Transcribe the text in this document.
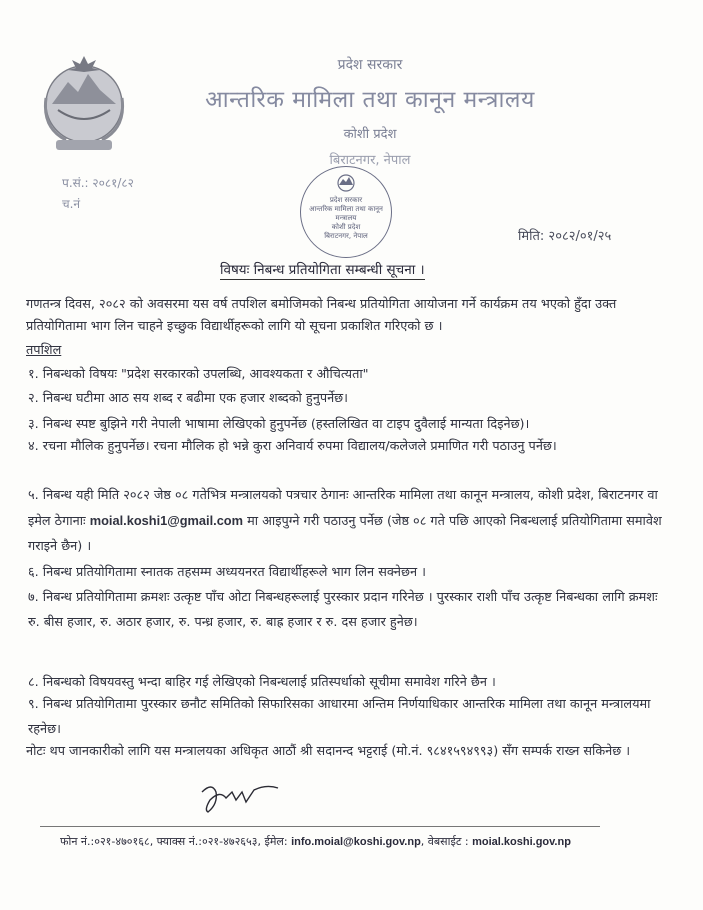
प्रदेश सरकार
आन्तरिक मामिला तथा कानून मन्त्रालय
कोशी प्रदेश
बिराटनगर, नेपाल
प.सं.: २०८१/८२
च.नं	प्रदेश सरकार
आन्तरिक मामिला तथा कानून मन्त्रालय
कोशी प्रदेश
बिराटनगर, नेपाल	मिति: २०८२/०१/२५
विषयः निबन्ध प्रतियोगिता सम्बन्धी सूचना ।
गणतन्त्र दिवस, २०८२ को अवसरमा यस वर्ष तपशिल बमोजिमको निबन्ध प्रतियोगिता आयोजना गर्ने कार्यक्रम तय भएको हुँदा उक्त प्रतियोगितामा भाग लिन चाहने इच्छुक विद्यार्थीहरूको लागि यो सूचना प्रकाशित गरिएको छ ।
तपशिल
१. निबन्धको विषयः "प्रदेश सरकारको उपलब्धि, आवश्यकता र औचित्यता"
२. निबन्ध घटीमा आठ सय शब्द र बढीमा एक हजार शब्दको हुनुपर्नेछ।
३. निबन्ध स्पष्ट बुझिने गरी नेपाली भाषामा लेखिएको हुनुपर्नेछ (हस्तलिखित वा टाइप दुवैलाई मान्यता दिइनेछ)।
४. रचना मौलिक हुनुपर्नेछ। रचना मौलिक हो भन्ने कुरा अनिवार्य रुपमा विद्यालय/कलेजले प्रमाणित गरी पठाउनु पर्नेछ।
५. निबन्ध यही मिति २०८२ जेष्ठ ०८ गतेभित्र मन्त्रालयको पत्रचार ठेगानः आन्तरिक मामिला तथा कानून मन्त्रालय, कोशी प्रदेश, बिराटनगर वा इमेल ठेगानाः moial.koshi1@gmail.com मा आइपुग्ने गरी पठाउनु पर्नेछ (जेष्ठ ०८ गते पछि आएको निबन्धलाई प्रतियोगितामा समावेश गराइने छैन) ।
६. निबन्ध प्रतियोगितामा स्नातक तहसम्म अध्ययनरत विद्यार्थीहरूले भाग लिन सक्नेछन ।
७. निबन्ध प्रतियोगितामा क्रमशः उत्कृष्ट पाँच ओटा निबन्धहरूलाई पुरस्कार प्रदान गरिनेछ । पुरस्कार राशी पाँच उत्कृष्ट निबन्धका लागि क्रमशः रु. बीस हजार, रु. अठार हजार, रु. पन्ध्र हजार, रु. बाह्र हजार र रु. दस हजार हुनेछ।
८. निबन्धको विषयवस्तु भन्दा बाहिर गई लेखिएको निबन्धलाई प्रतिस्पर्धाको सूचीमा समावेश गरिने छैन ।
९. निबन्ध प्रतियोगितामा पुरस्कार छनौट समितिको सिफारिसका आधारमा अन्तिम निर्णयाधिकार आन्तरिक मामिला तथा कानून मन्त्रालयमा रहनेछ।
नोटः थप जानकारीको लागि यस मन्त्रालयका अधिकृत आठौं श्री सदानन्द भट्टराई (मो.नं. ९८४१५९४९९३) सँग सम्पर्क राख्न सकिनेछ ।
फोन नं.:०२१-४७०१६८, फ्याक्स नं.:०२१-४७२६५३, ईमेल: info.moial@koshi.gov.np, वेबसाईट : moial.koshi.gov.np
